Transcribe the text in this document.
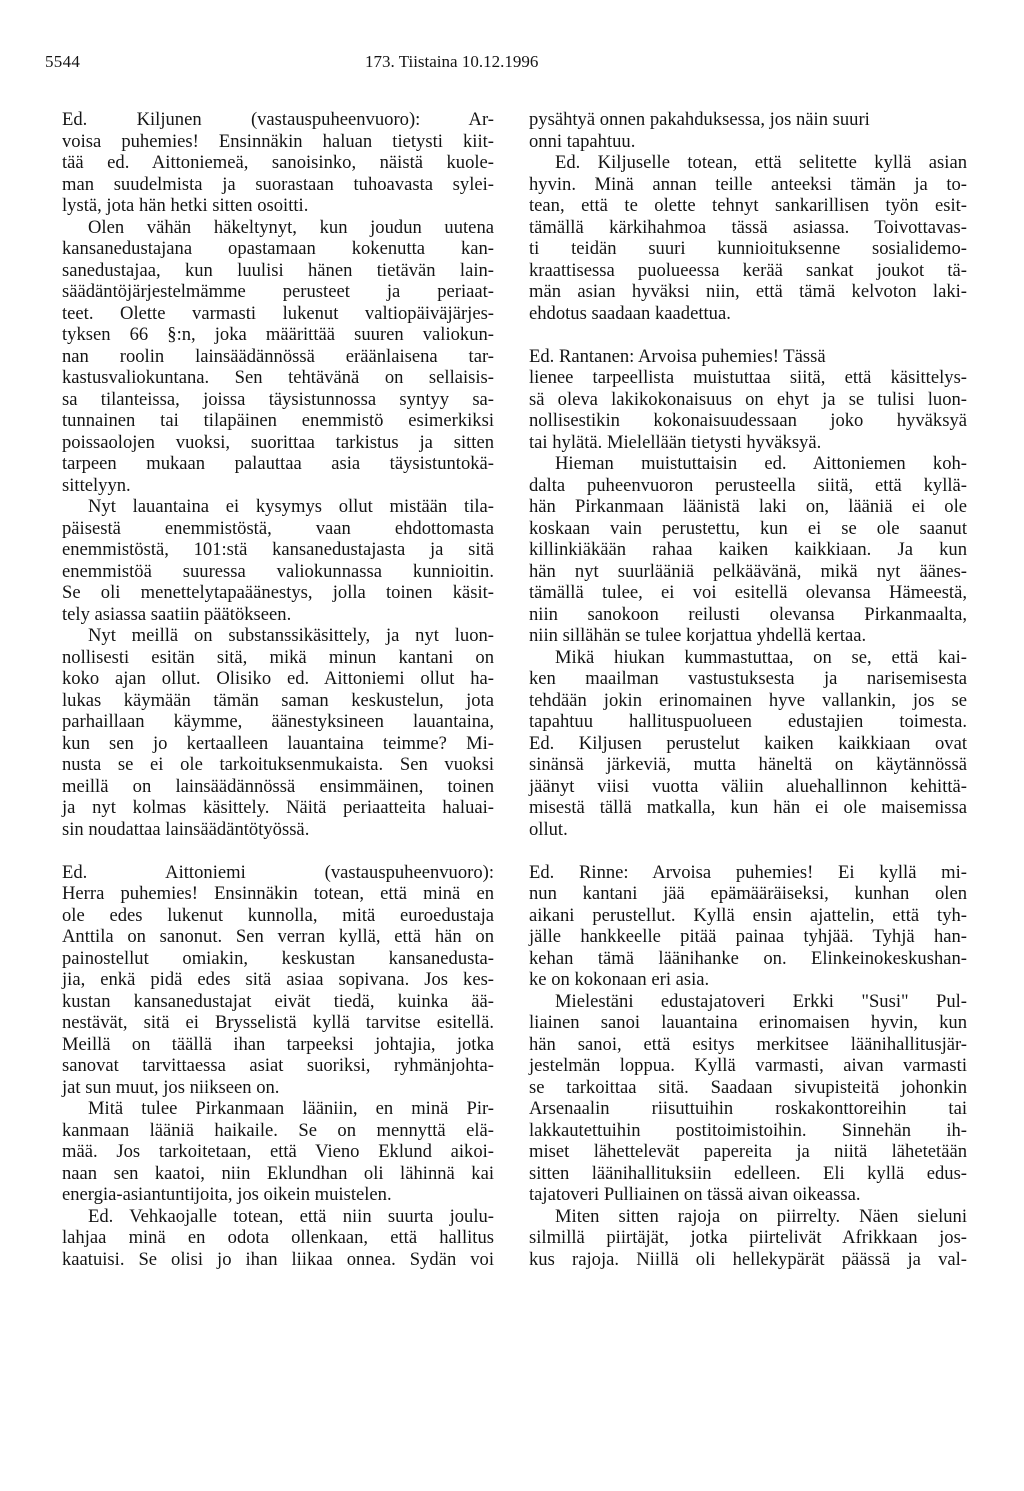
5544	173. Tiistaina 10.12.1996
Ed. Kiljunen (vastauspuheenvuoro): Ar-
voisa puhemies! Ensinnäkin haluan tietysti kiit-
tää ed. Aittoniemeä, sanoisinko, näistä kuole-
man suudelmista ja suorastaan tuhoavasta sylei-
lystä, jota hän hetki sitten osoitti.
Olen vähän häkeltynyt, kun joudun uutena
kansanedustajana opastamaan kokenutta kan-
sanedustajaa, kun luulisi hänen tietävän lain-
säädäntöjärjestelmämme perusteet ja periaat-
teet. Olette varmasti lukenut valtiopäiväjärjes-
tyksen 66 §:n, joka määrittää suuren valiokun-
nan roolin lainsäädännössä eräänlaisena tar-
kastusvaliokuntana. Sen tehtävänä on sellaisis-
sa tilanteissa, joissa täysistunnossa syntyy sa-
tunnainen tai tilapäinen enemmistö esimerkiksi
poissaolojen vuoksi, suorittaa tarkistus ja sitten
tarpeen mukaan palauttaa asia täysistuntokä-
sittelyyn.
Nyt lauantaina ei kysymys ollut mistään tila-
päisestä enemmistöstä, vaan ehdottomasta
enemmistöstä, 101:stä kansanedustajasta ja sitä
enemmistöä suuressa valiokunnassa kunnioitin.
Se oli menettelytapaäänestys, jolla toinen käsit-
tely asiassa saatiin päätökseen.
Nyt meillä on substanssikäsittely, ja nyt luon-
nollisesti esitän sitä, mikä minun kantani on
koko ajan ollut. Olisiko ed. Aittoniemi ollut ha-
lukas käymään tämän saman keskustelun, jota
parhaillaan käymme, äänestyksineen lauantaina,
kun sen jo kertaalleen lauantaina teimme? Mi-
nusta se ei ole tarkoituksenmukaista. Sen vuoksi
meillä on lainsäädännössä ensimmäinen, toinen
ja nyt kolmas käsittely. Näitä periaatteita haluai-
sin noudattaa lainsäädäntötyössä.
Ed. Aittoniemi (vastauspuheenvuoro):
Herra puhemies! Ensinnäkin totean, että minä en
ole edes lukenut kunnolla, mitä euroedustaja
Anttila on sanonut. Sen verran kyllä, että hän on
painostellut omiakin, keskustan kansanedusta-
jia, enkä pidä edes sitä asiaa sopivana. Jos kes-
kustan kansanedustajat eivät tiedä, kuinka ää-
nestävät, sitä ei Brysselistä kyllä tarvitse esitellä.
Meillä on täällä ihan tarpeeksi johtajia, jotka
sanovat tarvittaessa asiat suoriksi, ryhmänjohta-
jat sun muut, jos niikseen on.
Mitä tulee Pirkanmaan lääniin, en minä Pir-
kanmaan lääniä haikaile. Se on mennyttä elä-
mää. Jos tarkoitetaan, että Vieno Eklund aikoi-
naan sen kaatoi, niin Eklundhan oli lähinnä kai
energia-asiantuntijoita, jos oikein muistelen.
Ed. Vehkaojalle totean, että niin suurta joulu-
lahjaa minä en odota ollenkaan, että hallitus
kaatuisi. Se olisi jo ihan liikaa onnea. Sydän voi
pysähtyä onnen pakahduksessa, jos näin suuri
onni tapahtuu.
Ed. Kiljuselle totean, että selitette kyllä asian
hyvin. Minä annan teille anteeksi tämän ja to-
tean, että te olette tehnyt sankarillisen työn esit-
tämällä kärkihahmoa tässä asiassa. Toivottavas-
ti teidän suuri kunnioituksenne sosialidemo-
kraattisessa puolueessa kerää sankat joukot tä-
män asian hyväksi niin, että tämä kelvoton laki-
ehdotus saadaan kaadettua.
Ed. Rantanen: Arvoisa puhemies! Tässä
lienee tarpeellista muistuttaa siitä, että käsittelys-
sä oleva lakikokonaisuus on ehyt ja se tulisi luon-
nollisestikin kokonaisuudessaan joko hyväksyä
tai hylätä. Mielellään tietysti hyväksyä.
Hieman muistuttaisin ed. Aittoniemen koh-
dalta puheenvuoron perusteella siitä, että kyllä-
hän Pirkanmaan läänistä laki on, lääniä ei ole
koskaan vain perustettu, kun ei se ole saanut
killinkiäkään rahaa kaiken kaikkiaan. Ja kun
hän nyt suurlääniä pelkäävänä, mikä nyt äänes-
tämällä tulee, ei voi esitellä olevansa Hämeestä,
niin sanokoon reilusti olevansa Pirkanmaalta,
niin sillähän se tulee korjattua yhdellä kertaa.
Mikä hiukan kummastuttaa, on se, että kai-
ken maailman vastustuksesta ja narisemisesta
tehdään jokin erinomainen hyve vallankin, jos se
tapahtuu hallituspuolueen edustajien toimesta.
Ed. Kiljusen perustelut kaiken kaikkiaan ovat
sinänsä järkeviä, mutta häneltä on käytännössä
jäänyt viisi vuotta väliin aluehallinnon kehittä-
misestä tällä matkalla, kun hän ei ole maisemissa
ollut.
Ed. Rinne: Arvoisa puhemies! Ei kyllä mi-
nun kantani jää epämääräiseksi, kunhan olen
aikani perustellut. Kyllä ensin ajattelin, että tyh-
jälle hankkeelle pitää painaa tyhjää. Tyhjä han-
kehan tämä läänihanke on. Elinkeinokeskushan-
ke on kokonaan eri asia.
Mielestäni edustajatoveri Erkki "Susi" Pul-
liainen sanoi lauantaina erinomaisen hyvin, kun
hän sanoi, että esitys merkitsee läänihallitusjär-
jestelmän loppua. Kyllä varmasti, aivan varmasti
se tarkoittaa sitä. Saadaan sivupisteitä johonkin
Arsenaalin riisuttuihin roskakonttoreihin tai
lakkautettuihin postitoimistoihin. Sinnehän ih-
miset lähettelevät papereita ja niitä lähetetään
sitten läänihallituksiin edelleen. Eli kyllä edus-
tajatoveri Pulliainen on tässä aivan oikeassa.
Miten sitten rajoja on piirrelty. Näen sieluni
silmillä piirtäjät, jotka piirtelivät Afrikkaan jos-
kus rajoja. Niillä oli hellekypärät päässä ja val-
